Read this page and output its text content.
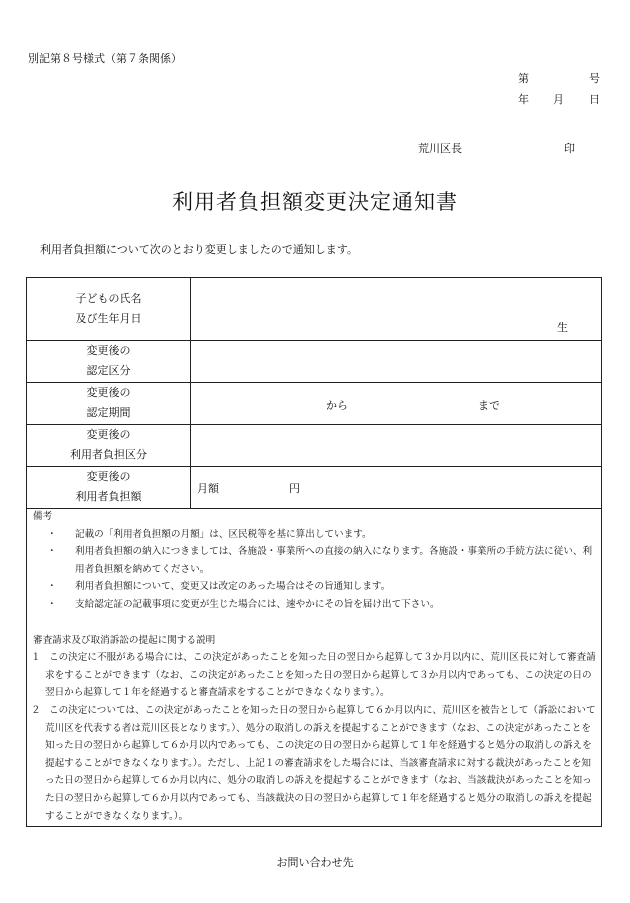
別記第８号様式（第７条関係）
第	号
年 月 日
荒川区長	印
利用者負担額変更決定通知書
利用者負担額について次のとおり変更しましたので通知します。
子どもの氏名
及び生年月日	生

変更後の
認定区分	

変更後の
認定期間	から まで

変更後の
利用者負担区分	

変更後の
利用者負担額	月額 円
備考
・	記載の「利用者負担額の月額」は、区民税等を基に算出しています。
・	利用者負担額の納入につきましては、各施設・事業所への直接の納入になります。各施設・事業所の手続方法に従い、利用者負担額を納めてください。
・	利用者負担額について、変更又は改定のあった場合はその旨通知します。
・	支給認定証の記載事項に変更が生じた場合には、速やかにその旨を届け出て下さい。
審査請求及び取消訴訟の提起に関する説明
１ この決定に不服がある場合には、この決定があったことを知った日の翌日から起算して３か月以内に、荒川区長に対して審査請求をすることができます（なお、この決定があったことを知った日の翌日から起算して３か月以内であっても、この決定の日の翌日から起算して１年を経過すると審査請求をすることができなくなります。）。
２ この決定については、この決定があったことを知った日の翌日から起算して６か月以内に、荒川区を被告として（訴訟において荒川区を代表する者は荒川区長となります。）、処分の取消しの訴えを提起することができます（なお、この決定があったことを知った日の翌日から起算して６か月以内であっても、この決定の日の翌日から起算して１年を経過すると処分の取消しの訴えを提起することができなくなります。）。ただし、上記１の審査請求をした場合には、当該審査請求に対する裁決があったことを知った日の翌日から起算して６か月以内に、処分の取消しの訴えを提起することができます（なお、当該裁決があったことを知った日の翌日から起算して６か月以内であっても、当該裁決の日の翌日から起算して１年を経過すると処分の取消しの訴えを提起することができなくなります。）。
お問い合わせ先
